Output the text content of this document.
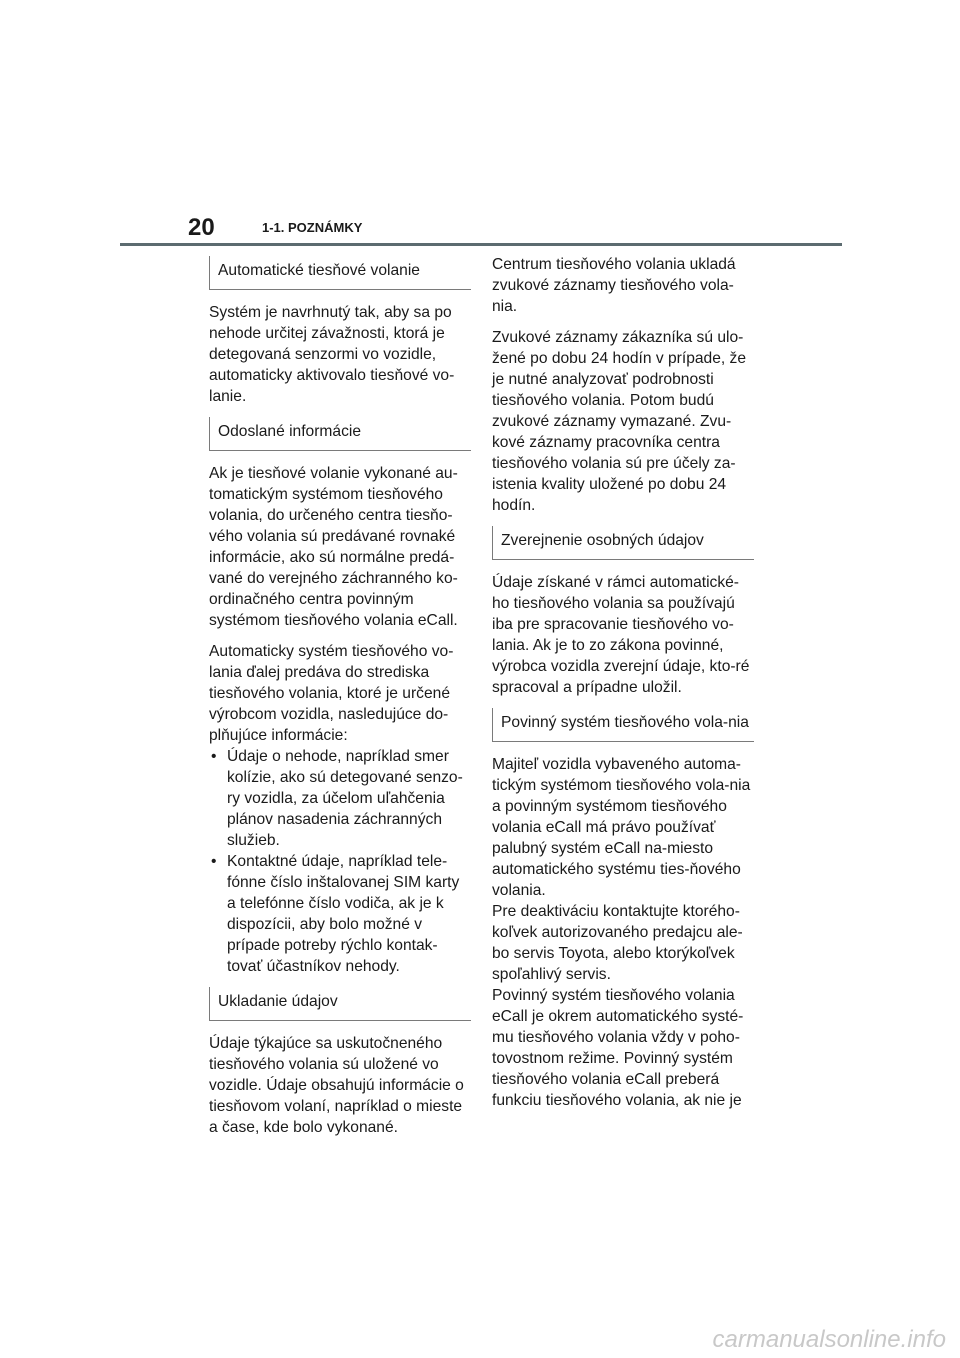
20	1-1. POZNÁMKY
Automatické tiesňové volanie

Systém je navrhnutý tak, aby sa po nehode určitej závažnosti, ktorá je detegovaná senzormi vo vozidle, automaticky aktivovalo tiesňové vo-lanie.

Odoslané informácie

Ak je tiesňové volanie vykonané au-tomatickým systémom tiesňového volania, do určeného centra tiesňo-vého volania sú predávané rovnaké informácie, ako sú normálne predá-vané do verejného záchranného ko-ordinačného centra povinným systémom tiesňového volania eCall.

Automaticky systém tiesňového vo-lania ďalej predáva do strediska tiesňového volania, ktoré je určené výrobcom vozidla, nasledujúce do-plňujúce informácie:

• Údaje o nehode, napríklad smer kolízie, ako sú detegované senzo-ry vozidla, za účelom uľahčenia plánov nasadenia záchranných služieb.
• Kontaktné údaje, napríklad tele-fónne číslo inštalovanej SIM karty a telefónne číslo vodiča, ak je k dispozícii, aby bolo možné v prípade potreby rýchlo kontak-tovať účastníkov nehody.
Ukladanie údajov

Údaje týkajúce sa uskutočneného tiesňového volania sú uložené vo vozidle. Údaje obsahujú informácie o tiesňovom volaní, napríklad o mieste a čase, kde bolo vykonané.

Centrum tiesňového volania ukladá zvukové záznamy tiesňového vola-nia.

Zvukové záznamy zákazníka sú ulo-žené po dobu 24 hodín v prípade, že je nutné analyzovať podrobnosti tiesňového volania. Potom budú zvukové záznamy vymazané. Zvu-kové záznamy pracovníka centra tiesňového volania sú pre účely za-istenia kvality uložené po dobu 24 hodín.

Zverejnenie osobných údajov

Údaje získané v rámci automatické-ho tiesňového volania sa používajú iba pre spracovanie tiesňového vo-lania. Ak je to zo zákona povinné, výrobca vozidla zverejní údaje, kto-ré spracoval a prípadne uložil.

Povinný systém tiesňového vola-nia

Majiteľ vozidla vybaveného automa-tickým systémom tiesňového vola-nia a povinným systémom tiesňového volania eCall má právo používať palubný systém eCall na-miesto automatického systému ties-ňového volania.

Pre deaktiváciu kontaktujte ktorého-koľvek autorizovaného predajcu ale-bo servis Toyota, alebo ktorýkoľvek spoľahlivý servis.

Povinný systém tiesňového volania eCall je okrem automatického systé-mu tiesňového volania vždy v poho-tovostnom režime. Povinný systém tiesňového volania eCall preberá funkciu tiesňového volania, ak nie je

carmanualsonline.info
